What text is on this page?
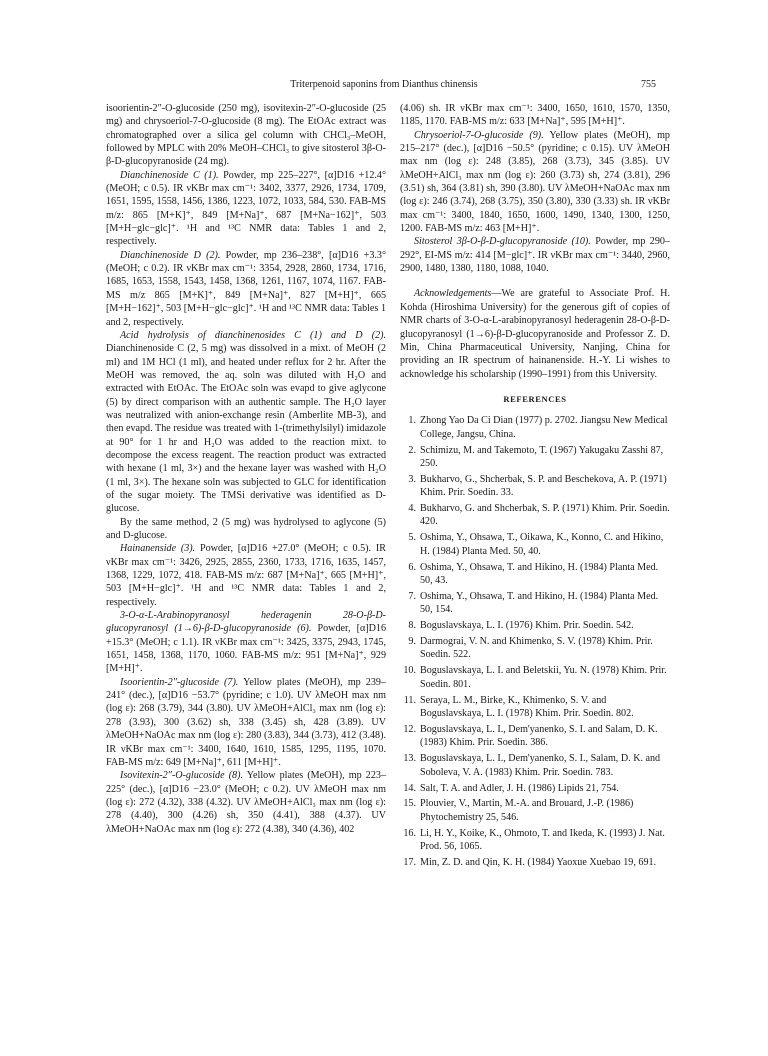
Triterpenoid saponins from Dianthus chinensis	755

isoorientin-2″-O-glucoside (250 mg), isovitexin-2″-O-glucoside (25 mg) and chrysoeriol-7-O-glucoside (8 mg). The EtOAc extract was chromatographed over a silica gel column with CHCl₃–MeOH, followed by MPLC with 20% MeOH–CHCl₃ to give sitosterol 3β-O-β-D-glucopyranoside (24 mg).

Dianchinenoside C (1). Powder, mp 225–227°, [α]D16 +12.4° (MeOH; c 0.5). IR νKBr max cm⁻¹: 3402, 3377, 2926, 1734, 1709, 1651, 1595, 1558, 1456, 1386, 1223, 1072, 1033, 584, 530. FAB-MS m/z: 865 [M+K]⁺, 849 [M+Na]⁺, 687 [M+Na−162]⁺, 503 [M+H−glc−glc]⁺. ¹H and ¹³C NMR data: Tables 1 and 2, respectively.

Dianchinenoside D (2). Powder, mp 236–238°, [α]D16 +3.3° (MeOH; c 0.2). IR νKBr max cm⁻¹: 3354, 2928, 2860, 1734, 1716, 1685, 1653, 1558, 1543, 1458, 1368, 1261, 1167, 1074, 1167. FAB-MS m/z 865 [M+K]⁺, 849 [M+Na]⁺, 827 [M+H]⁺, 665 [M+H−162]⁺, 503 [M+H−glc−glc]⁺. ¹H and ¹³C NMR data: Tables 1 and 2, respectively.

Acid hydrolysis of dianchinenosides C (1) and D (2). Dianchinenoside C (2, 5 mg) was dissolved in a mixt. of MeOH (2 ml) and 1M HCl (1 ml), and heated under reflux for 2 hr. After the MeOH was removed, the aq. soln was diluted with H₂O and extracted with EtOAc. The EtOAc soln was evapd to give aglycone (5) by direct comparison with an authentic sample. The H₂O layer was neutralized with anion-exchange resin (Amberlite MB-3), and then evapd. The residue was treated with 1-(trimethylsilyl) imidazole at 90° for 1 hr and H₂O was added to the reaction mixt. to decompose the excess reagent. The reaction product was extracted with hexane (1 ml, 3×) and the hexane layer was washed with H₂O (1 ml, 3×). The hexane soln was subjected to GLC for identification of the sugar moiety. The TMSi derivative was identified as D-glucose.

By the same method, 2 (5 mg) was hydrolysed to aglycone (5) and D-glucose.

Hainanenside (3). Powder, [α]D16 +27.0° (MeOH; c 0.5). IR νKBr max cm⁻¹: 3426, 2925, 2855, 2360, 1733, 1716, 1635, 1457, 1368, 1229, 1072, 418. FAB-MS m/z: 687 [M+Na]⁺, 665 [M+H]⁺, 503 [M+H−glc]⁺. ¹H and ¹³C NMR data: Tables 1 and 2, respectively.

3-O-α-L-Arabinopyranosyl hederagenin 28-O-β-D-glucopyranosyl (1→6)-β-D-glucopyranoside (6). Powder, [α]D16 +15.3° (MeOH; c 1.1). IR νKBr max cm⁻¹: 3425, 3375, 2943, 1745, 1651, 1458, 1368, 1170, 1060. FAB-MS m/z: 951 [M+Na]⁺, 929 [M+H]⁺.

Isoorientin-2″-glucoside (7). Yellow plates (MeOH), mp 239–241° (dec.), [α]D16 −53.7° (pyridine; c 1.0). UV λMeOH max nm (log ε): 268 (3.79), 344 (3.80). UV λMeOH+AlCl₃ max nm (log ε): 278 (3.93), 300 (3.62) sh, 338 (3.45) sh, 428 (3.89). UV λMeOH+NaOAc max nm (log ε): 280 (3.83), 344 (3.73), 412 (3.48). IR νKBr max cm⁻¹: 3400, 1640, 1610, 1585, 1295, 1195, 1070. FAB-MS m/z: 649 [M+Na]⁺, 611 [M+H]⁺.

Isovitexin-2″-O-glucoside (8). Yellow plates (MeOH), mp 223–225° (dec.), [α]D16 −23.0° (MeOH; c 0.2). UV λMeOH max nm (log ε): 272 (4.32), 338 (4.32). UV λMeOH+AlCl₃ max nm (log ε): 278 (4.40), 300 (4.26) sh, 350 (4.41), 388 (4.37). UV λMeOH+NaOAc max nm (log ε): 272 (4.38), 340 (4.36), 402

(4.06) sh. IR νKBr max cm⁻¹: 3400, 1650, 1610, 1570, 1350, 1185, 1170. FAB-MS m/z: 633 [M+Na]⁺, 595 [M+H]⁺.

Chrysoeriol-7-O-glucoside (9). Yellow plates (MeOH), mp 215–217° (dec.), [α]D16 −50.5° (pyridine; c 0.15). UV λMeOH max nm (log ε): 248 (3.85), 268 (3.73), 345 (3.85). UV λMeOH+AlCl₃ max nm (log ε): 260 (3.73) sh, 274 (3.81), 296 (3.51) sh, 364 (3.81) sh, 390 (3.80). UV λMeOH+NaOAc max nm (log ε): 246 (3.74), 268 (3.75), 350 (3.80), 330 (3.33) sh. IR νKBr max cm⁻¹: 3400, 1840, 1650, 1600, 1490, 1340, 1300, 1250, 1200. FAB-MS m/z: 463 [M+H]⁺.

Sitosterol 3β-O-β-D-glucopyranoside (10). Powder, mp 290–292°, EI-MS m/z: 414 [M−glc]⁺. IR νKBr max cm⁻¹: 3440, 2960, 2900, 1480, 1380, 1180, 1088, 1040.

Acknowledgements—We are grateful to Associate Prof. H. Kohda (Hiroshima University) for the generous gift of copies of NMR charts of 3-O-α-L-arabinopyranosyl hederagenin 28-O-β-D-glucopyranosyl (1→6)-β-D-glucopyranoside and Professor Z. D. Min, China Pharmaceutical University, Nanjing, China for providing an IR spectrum of hainanenside. H.-Y. Li wishes to acknowledge his scholarship (1990–1991) from this University.

REFERENCES

1. Zhong Yao Da Ci Dian (1977) p. 2702. Jiangsu New Medical College, Jangsu, China.
2. Schimizu, M. and Takemoto, T. (1967) Yakugaku Zasshi 87, 250.
3. Bukharvo, G., Shcherbak, S. P. and Beschekova, A. P. (1971) Khim. Prir. Soedin. 33.
4. Bukharvo, G. and Shcherbak, S. P. (1971) Khim. Prir. Soedin. 420.
5. Oshima, Y., Ohsawa, T., Oikawa, K., Konno, C. and Hikino, H. (1984) Planta Med. 50, 40.
6. Oshima, Y., Ohsawa, T. and Hikino, H. (1984) Planta Med. 50, 43.
7. Oshima, Y., Ohsawa, T. and Hikino, H. (1984) Planta Med. 50, 154.
8. Boguslavskaya, L. I. (1976) Khim. Prir. Soedin. 542.
9. Darmograi, V. N. and Khimenko, S. V. (1978) Khim. Prir. Soedin. 522.
10. Boguslavskaya, L. I. and Beletskii, Yu. N. (1978) Khim. Prir. Soedin. 801.
11. Seraya, L. M., Birke, K., Khimenko, S. V. and Boguslavskaya, L. I. (1978) Khim. Prir. Soedin. 802.
12. Boguslavskaya, L. I., Dem'yanenko, S. I. and Salam, D. K. (1983) Khim. Prir. Soedin. 386.
13. Boguslavskaya, L. I., Dem'yanenko, S. I., Salam, D. K. and Soboleva, V. A. (1983) Khim. Prir. Soedin. 783.
14. Salt, T. A. and Adler, J. H. (1986) Lipids 21, 754.
15. Plouvier, V., Martin, M.-A. and Brouard, J.-P. (1986) Phytochemistry 25, 546.
16. Li, H. Y., Koike, K., Ohmoto, T. and Ikeda, K. (1993) J. Nat. Prod. 56, 1065.
17. Min, Z. D. and Qin, K. H. (1984) Yaoxue Xuebao 19, 691.
